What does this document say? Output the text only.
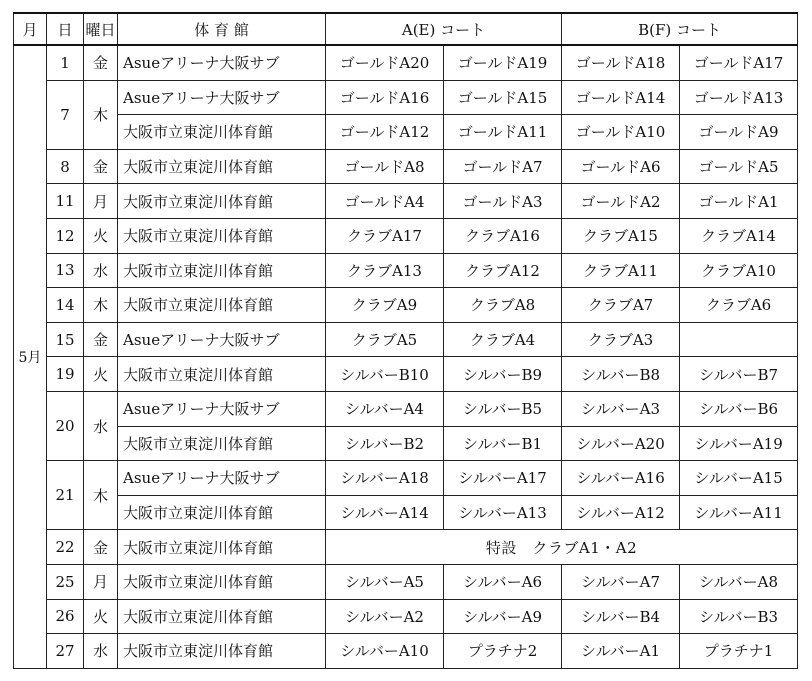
月	日	曜日	体 育 館	A(E) コート		B(F) コート	
5月	1	金	Asueアリーナ大阪サブ	ゴールドA20	ゴールドA19	ゴールドA18	ゴールドA17
	7	木	Asueアリーナ大阪サブ	ゴールドA16	ゴールドA15	ゴールドA14	ゴールドA13
			大阪市立東淀川体育館	ゴールドA12	ゴールドA11	ゴールドA10	ゴールドA9
	8	金	大阪市立東淀川体育館	ゴールドA8	ゴールドA7	ゴールドA6	ゴールドA5
	11	月	大阪市立東淀川体育館	ゴールドA4	ゴールドA3	ゴールドA2	ゴールドA1
	12	火	大阪市立東淀川体育館	クラブA17	クラブA16	クラブA15	クラブA14
	13	水	大阪市立東淀川体育館	クラブA13	クラブA12	クラブA11	クラブA10
	14	木	大阪市立東淀川体育館	クラブA9	クラブA8	クラブA7	クラブA6
	15	金	Asueアリーナ大阪サブ	クラブA5	クラブA4	クラブA3	
	19	火	大阪市立東淀川体育館	シルバーB10	シルバーB9	シルバーB8	シルバーB7
	20	水	Asueアリーナ大阪サブ	シルバーA4	シルバーB5	シルバーA3	シルバーB6
			大阪市立東淀川体育館	シルバーB2	シルバーB1	シルバーA20	シルバーA19
	21	木	Asueアリーナ大阪サブ	シルバーA18	シルバーA17	シルバーA16	シルバーA15
			大阪市立東淀川体育館	シルバーA14	シルバーA13	シルバーA12	シルバーA11
	22	金	大阪市立東淀川体育館	特設　クラブA1・A2			
	25	月	大阪市立東淀川体育館	シルバーA5	シルバーA6	シルバーA7	シルバーA8
	26	火	大阪市立東淀川体育館	シルバーA2	シルバーA9	シルバーB4	シルバーB3
	27	水	大阪市立東淀川体育館	シルバーA10	プラチナ2	シルバーA1	プラチナ1
